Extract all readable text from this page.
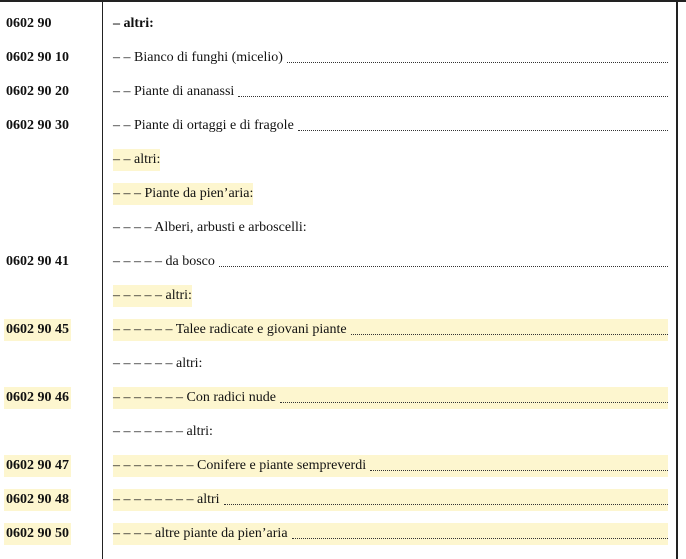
0602 90	– altri:
0602 90 10	– – Bianco di funghi (micelio)
0602 90 20	– – Piante di ananassi
0602 90 30	– – Piante di ortaggi e di fragole
– – altri:
– – – Piante da pien’aria:
– – – – Alberi, arbusti e arboscelli:
0602 90 41	– – – – – da bosco
– – – – – altri:
0602 90 45	– – – – – – Talee radicate e giovani piante
– – – – – – altri:
0602 90 46	– – – – – – – Con radici nude
– – – – – – – altri:
0602 90 47	– – – – – – – – Conifere e piante sempreverdi
0602 90 48	– – – – – – – – altri
0602 90 50	– – – – altre piante da pien’aria
